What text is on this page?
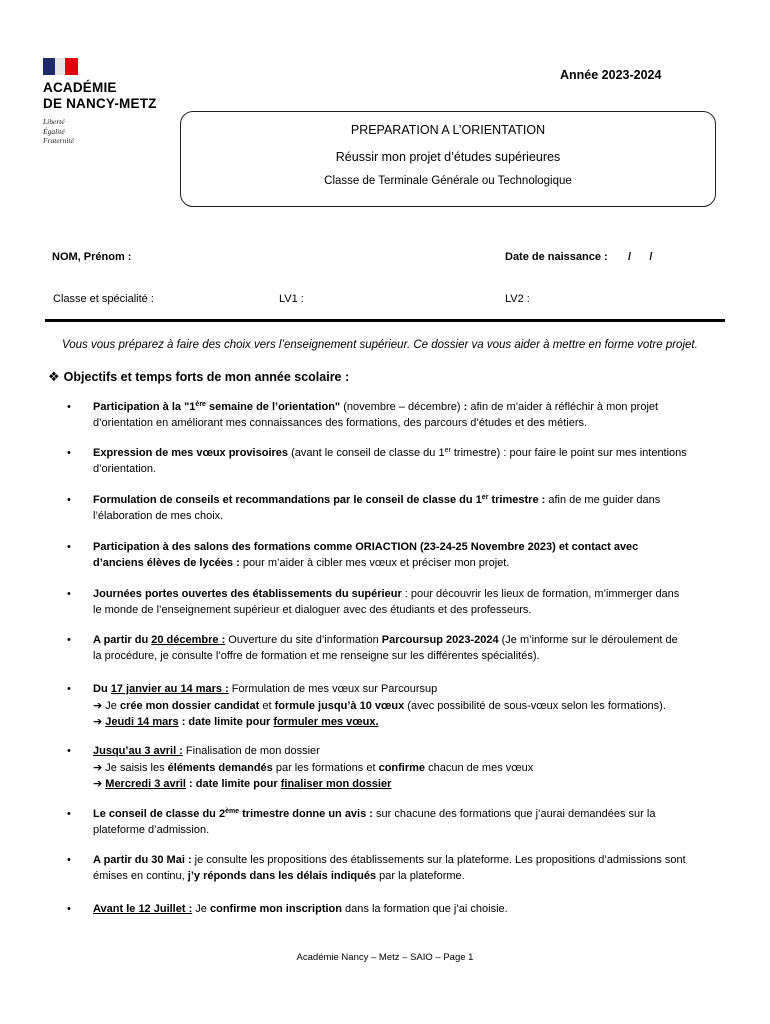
ACADÉMIE
DE NANCY-METZ
Liberté
Égalité
Fraternité
Année 2023-2024
PREPARATION A L’ORIENTATION
Réussir mon projet d’études supérieures
Classe de Terminale Générale ou Technologique
NOM, Prénom :	Date de naissance : /      /
Classe et spécialité :	LV1 :	LV2 :
Vous vous préparez à faire des choix vers l’enseignement supérieur. Ce dossier va vous aider à mettre en forme votre projet.
❖ Objectifs et temps forts de mon année scolaire :
• Participation à la "1ère semaine de l’orientation" (novembre – décembre) : afin de m’aider à réfléchir à mon projet
d’orientation en améliorant mes connaissances des formations, des parcours d’études et des métiers.
• Expression de mes vœux provisoires (avant le conseil de classe du 1er trimestre) : pour faire le point sur mes intentions
d’orientation.
• Formulation de conseils et recommandations par le conseil de classe du 1er trimestre : afin de me guider dans
l’élaboration de mes choix.
• Participation à des salons des formations comme ORIACTION (23-24-25 Novembre 2023) et contact avec
d’anciens élèves de lycées : pour m’aider à cibler mes vœux et préciser mon projet.
• Journées portes ouvertes des établissements du supérieur : pour découvrir les lieux de formation, m’immerger dans
le monde de l’enseignement supérieur et dialoguer avec des étudiants et des professeurs.
• A partir du 20 décembre : Ouverture du site d’information Parcoursup 2023-2024 (Je m’informe sur le déroulement de
la procédure, je consulte l’offre de formation et me renseigne sur les différentes spécialités).
• Du 17 janvier au 14 mars : Formulation de mes vœux sur Parcoursup
➔ Je crée mon dossier candidat et formule jusqu’à 10 vœux (avec possibilité de sous-vœux selon les formations).
➔ Jeudi 14 mars : date limite pour formuler mes vœux.
• Jusqu’au 3 avril : Finalisation de mon dossier
➔ Je saisis les éléments demandés par les formations et confirme chacun de mes vœux
➔ Mercredi 3 avril : date limite pour finaliser mon dossier
• Le conseil de classe du 2ème trimestre donne un avis : sur chacune des formations que j’aurai demandées sur la
plateforme d’admission.
• A partir du 30 Mai : je consulte les propositions des établissements sur la plateforme. Les propositions d’admissions sont
émises en continu, j’y réponds dans les délais indiqués par la plateforme.
• Avant le 12 Juillet : Je confirme mon inscription dans la formation que j’ai choisie.
Académie Nancy – Metz – SAIO – Page 1
